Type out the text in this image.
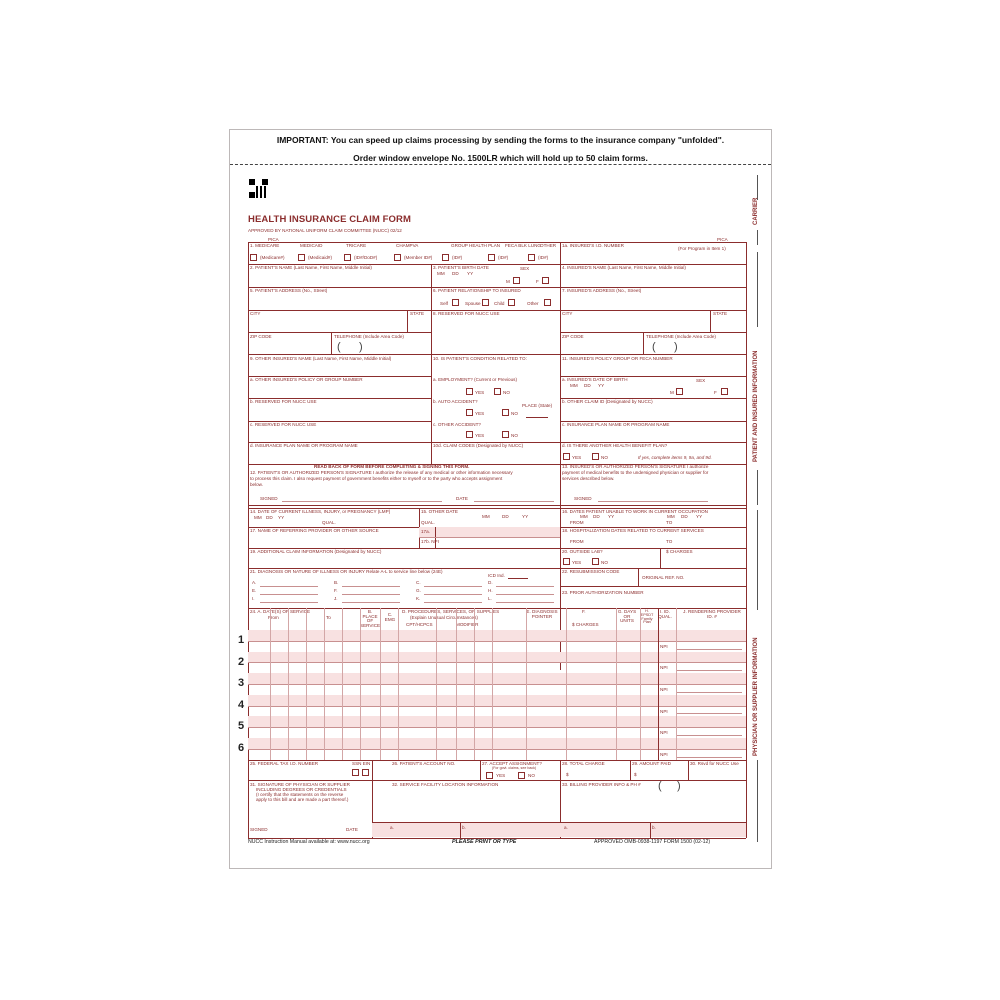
IMPORTANT: You can speed up claims processing by sending the forms to the insurance company "unfolded".
Order window envelope No. 1500LR which will hold up to 50 claim forms.
HEALTH INSURANCE CLAIM FORM
APPROVED BY NATIONAL UNIFORM CLAIM COMMITTEE (NUCC) 02/12
CARRIER
PATIENT AND INSURED INFORMATION
PHYSICIAN OR SUPPLIER INFORMATION
PICA	PICA
1. MEDICARE	MEDICAID	TRICARE	CHAMPVA	GROUP HEALTH PLAN FECA BLK LUNG OTHER
(Medicare#)	(Medicaid#)	(ID#/DoD#)	(Member ID#)	(ID#)	(ID#)	(ID#)
1a. INSURED'S I.D. NUMBER
(For Program in Item 1)
2. PATIENT'S NAME (Last Name, First Name, Middle Initial)	3. PATIENT'S BIRTH DATE	SEX
MM DD YY
M	F
4. INSURED'S NAME (Last Name, First Name, Middle Initial)
5. PATIENT'S ADDRESS (No., Street)	6. PATIENT RELATIONSHIP TO INSURED
Self	Spouse	Child	Other
7. INSURED'S ADDRESS (No., Street)
CITY	STATE 8. RESERVED FOR NUCC USE	CITY	STATE
ZIP CODE	TELEPHONE (Include Area Code)
(      )
ZIP CODE	TELEPHONE (Include Area Code)
(      )
9. OTHER INSURED'S NAME (Last Name, First Name, Middle Initial)	10. IS PATIENT'S CONDITION RELATED TO:	11. INSURED'S POLICY GROUP OR FECA NUMBER
a. OTHER INSURED'S POLICY OR GROUP NUMBER	a. EMPLOYMENT? (Current or Previous)
YES	NO
a. INSURED'S DATE OF BIRTH	SEX
MM DD YY
M	F
b. RESERVED FOR NUCC USE	b. AUTO ACCIDENT?
PLACE (State)
YES	NO
b. OTHER CLAIM ID (Designated by NUCC)
c. RESERVED FOR NUCC USE	c. OTHER ACCIDENT?
YES	NO
c. INSURANCE PLAN NAME OR PROGRAM NAME
d. INSURANCE PLAN NAME OR PROGRAM NAME	10d. CLAIM CODES (Designated by NUCC)	d. IS THERE ANOTHER HEALTH BENEFIT PLAN?
YES	NO	If yes, complete items 9, 9a, and 9d.
READ BACK OF FORM BEFORE COMPLETING & SIGNING THIS FORM.
12. PATIENT'S OR AUTHORIZED PERSON'S SIGNATURE I authorize the release of any medical or other information necessary
to process this claim. I also request payment of government benefits either to myself or to the party who accepts assignment
below.
13. INSURED'S OR AUTHORIZED PERSON'S SIGNATURE I authorize
payment of medical benefits to the undersigned physician or supplier for
services described below.
SIGNED	DATE	SIGNED
14. DATE OF CURRENT ILLNESS, INJURY, or PREGNANCY (LMP)
MM DD YY
QUAL.
15. OTHER DATE
QUAL.
MM	DD	YY
16. DATES PATIENT UNABLE TO WORK IN CURRENT OCCUPATION
MM DD YY	MM DD YY
FROM	TO
17. NAME OF REFERRING PROVIDER OR OTHER SOURCE	17a.
17b. NPI
18. HOSPITALIZATION DATES RELATED TO CURRENT SERVICES
FROM	TO
19. ADDITIONAL CLAIM INFORMATION (Designated by NUCC)	20. OUTSIDE LAB?	$ CHARGES
YES	NO
21. DIAGNOSIS OR NATURE OF ILLNESS OR INJURY Relate A-L to service line below (24E)
ICD Ind.
A.	B.	C.	D.
E.	F.	G.	H.
I.	J.	K.	L.
22. RESUBMISSION CODE
ORIGINAL REF. NO.
23. PRIOR AUTHORIZATION NUMBER
24. A. DATE(S) OF SERVICE
From	To
B. PLACE OF SERVICE
C. EMG
D. PROCEDURES, SERVICES, OR SUPPLIES
(Explain Unusual Circumstances)
CPT/HCPCS	MODIFIER
E. DIAGNOSIS POINTER
F.
$ CHARGES
G. DAYS OR UNITS
H. EPSDT Family Plan
I. ID. QUAL.
J. RENDERING PROVIDER ID. #
1
NPI
2
NPI
3
NPI
4
NPI
5
NPI
6
NPI
25. FEDERAL TAX I.D. NUMBER	SSN EIN	26. PATIENT'S ACCOUNT NO.	27. ACCEPT ASSIGNMENT?
(For govt. claims, see back)
YES	NO
28. TOTAL CHARGE
$
29. AMOUNT PAID
$
30. Rsvd for NUCC Use
31. SIGNATURE OF PHYSICIAN OR SUPPLIER
INCLUDING DEGREES OR CREDENTIALS
(I certify that the statements on the reverse
apply to this bill and are made a part thereof.)
SIGNED	DATE
32. SERVICE FACILITY LOCATION INFORMATION	33. BILLING PROVIDER INFO & PH # (     )
a.	b.	a.	b.
NUCC Instruction Manual available at: www.nucc.org	PLEASE PRINT OR TYPE	APPROVED OMB-0938-1197 FORM 1500 (02-12)
